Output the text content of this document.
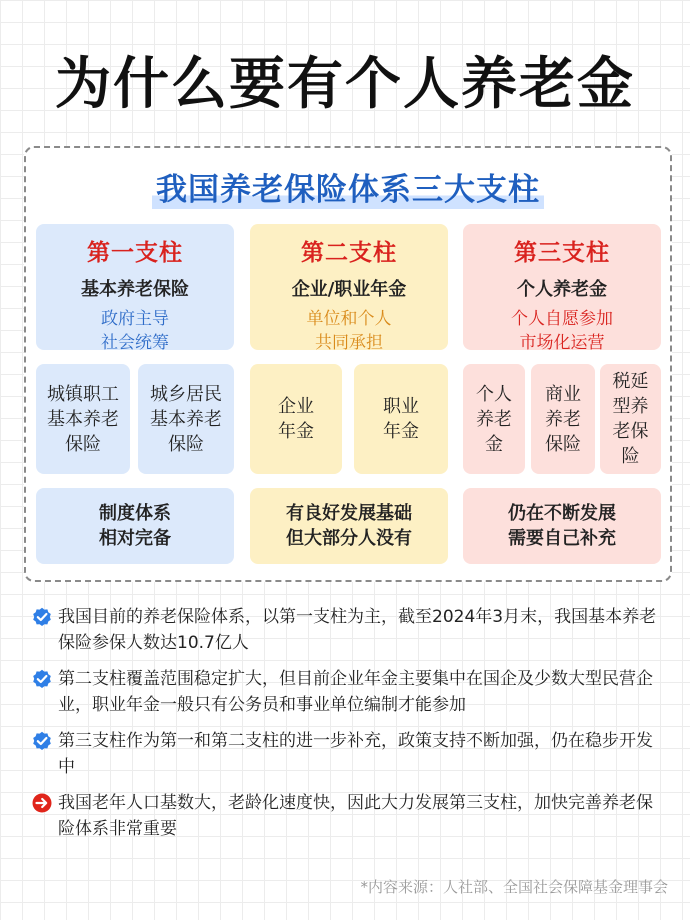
为什么要有个人养老金
我国养老保险体系三大支柱
第一支柱
基本养老保险
政府主导
社会统筹
第二支柱
企业/职业年金
单位和个人
共同承担
第三支柱
个人养老金
个人自愿参加
市场化运营
城镇职工
基本养老
保险
城乡居民
基本养老
保险
企业
年金
职业
年金
个人
养老
金
商业
养老
保险
税延
型养
老保
险
制度体系
相对完备
有良好发展基础
但大部分人没有
仍在不断发展
需要自己补充
我国目前的养老保险体系，以第一支柱为主，截至2024年3月末，我国基本养老保险参保人数达10.7亿人
第二支柱覆盖范围稳定扩大，但目前企业年金主要集中在国企及少数大型民营企业，职业年金一般只有公务员和事业单位编制才能参加
第三支柱作为第一和第二支柱的进一步补充，政策支持不断加强，仍在稳步开发中
我国老年人口基数大，老龄化速度快，因此大力发展第三支柱，加快完善养老保险体系非常重要
*内容来源：人社部、全国社会保障基金理事会
